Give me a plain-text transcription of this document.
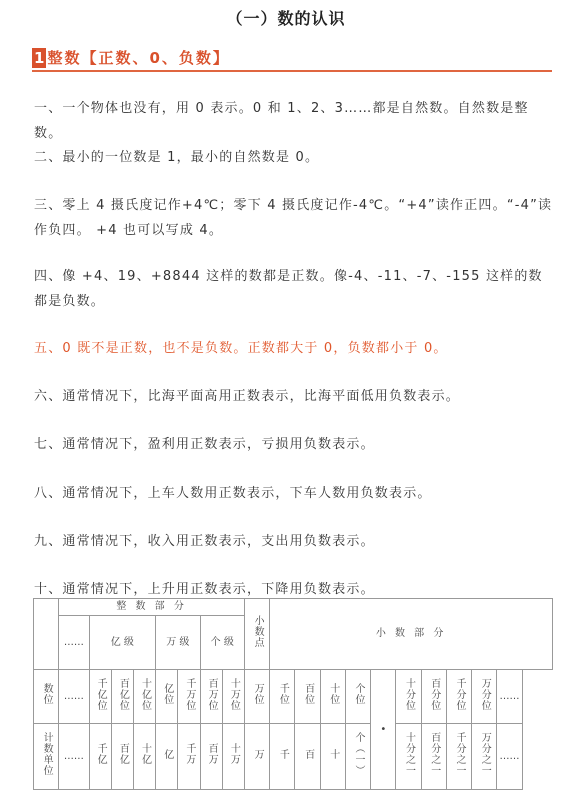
（一）数的认识
1 整数【正数、0、负数】
一、一个物体也没有，用 0 表示。0 和 1、2、3……都是自然数。自然数是整数。
二、最小的一位数是 1，最小的自然数是 0。
三、零上 4 摄氏度记作+4℃；零下 4 摄氏度记作-4℃。“+4”读作正四。“-4”读作负四。 +4 也可以写成 4。
四、像 +4、19、+8844 这样的数都是正数。像-4、-11、-7、-155 这样的数都是负数。
五、0 既不是正数，也不是负数。正数都大于 0，负数都小于 0。
六、通常情况下，比海平面高用正数表示，比海平面低用负数表示。
七、通常情况下，盈利用正数表示，亏损用负数表示。
八、通常情况下，上车人数用正数表示，下车人数用负数表示。
九、通常情况下，收入用正数表示，支出用负数表示。
十、通常情况下，上升用正数表示，下降用负数表示。
	整 数 部 分								小数点	小 数 部 分									
	……	亿 级			万 级		个 级												
数位	……	千亿位	百亿位	十亿位	亿位	千万位	百万位	十万位	万位	千位	百位	十位	个位	•	十分位	百分位	千分位	万分位	……
计数单位	……	千亿	百亿	十亿	亿	千万	百万	十万	万	千	百	十	个（一）		十分之一	百分之一	千分之一	万分之一	……
